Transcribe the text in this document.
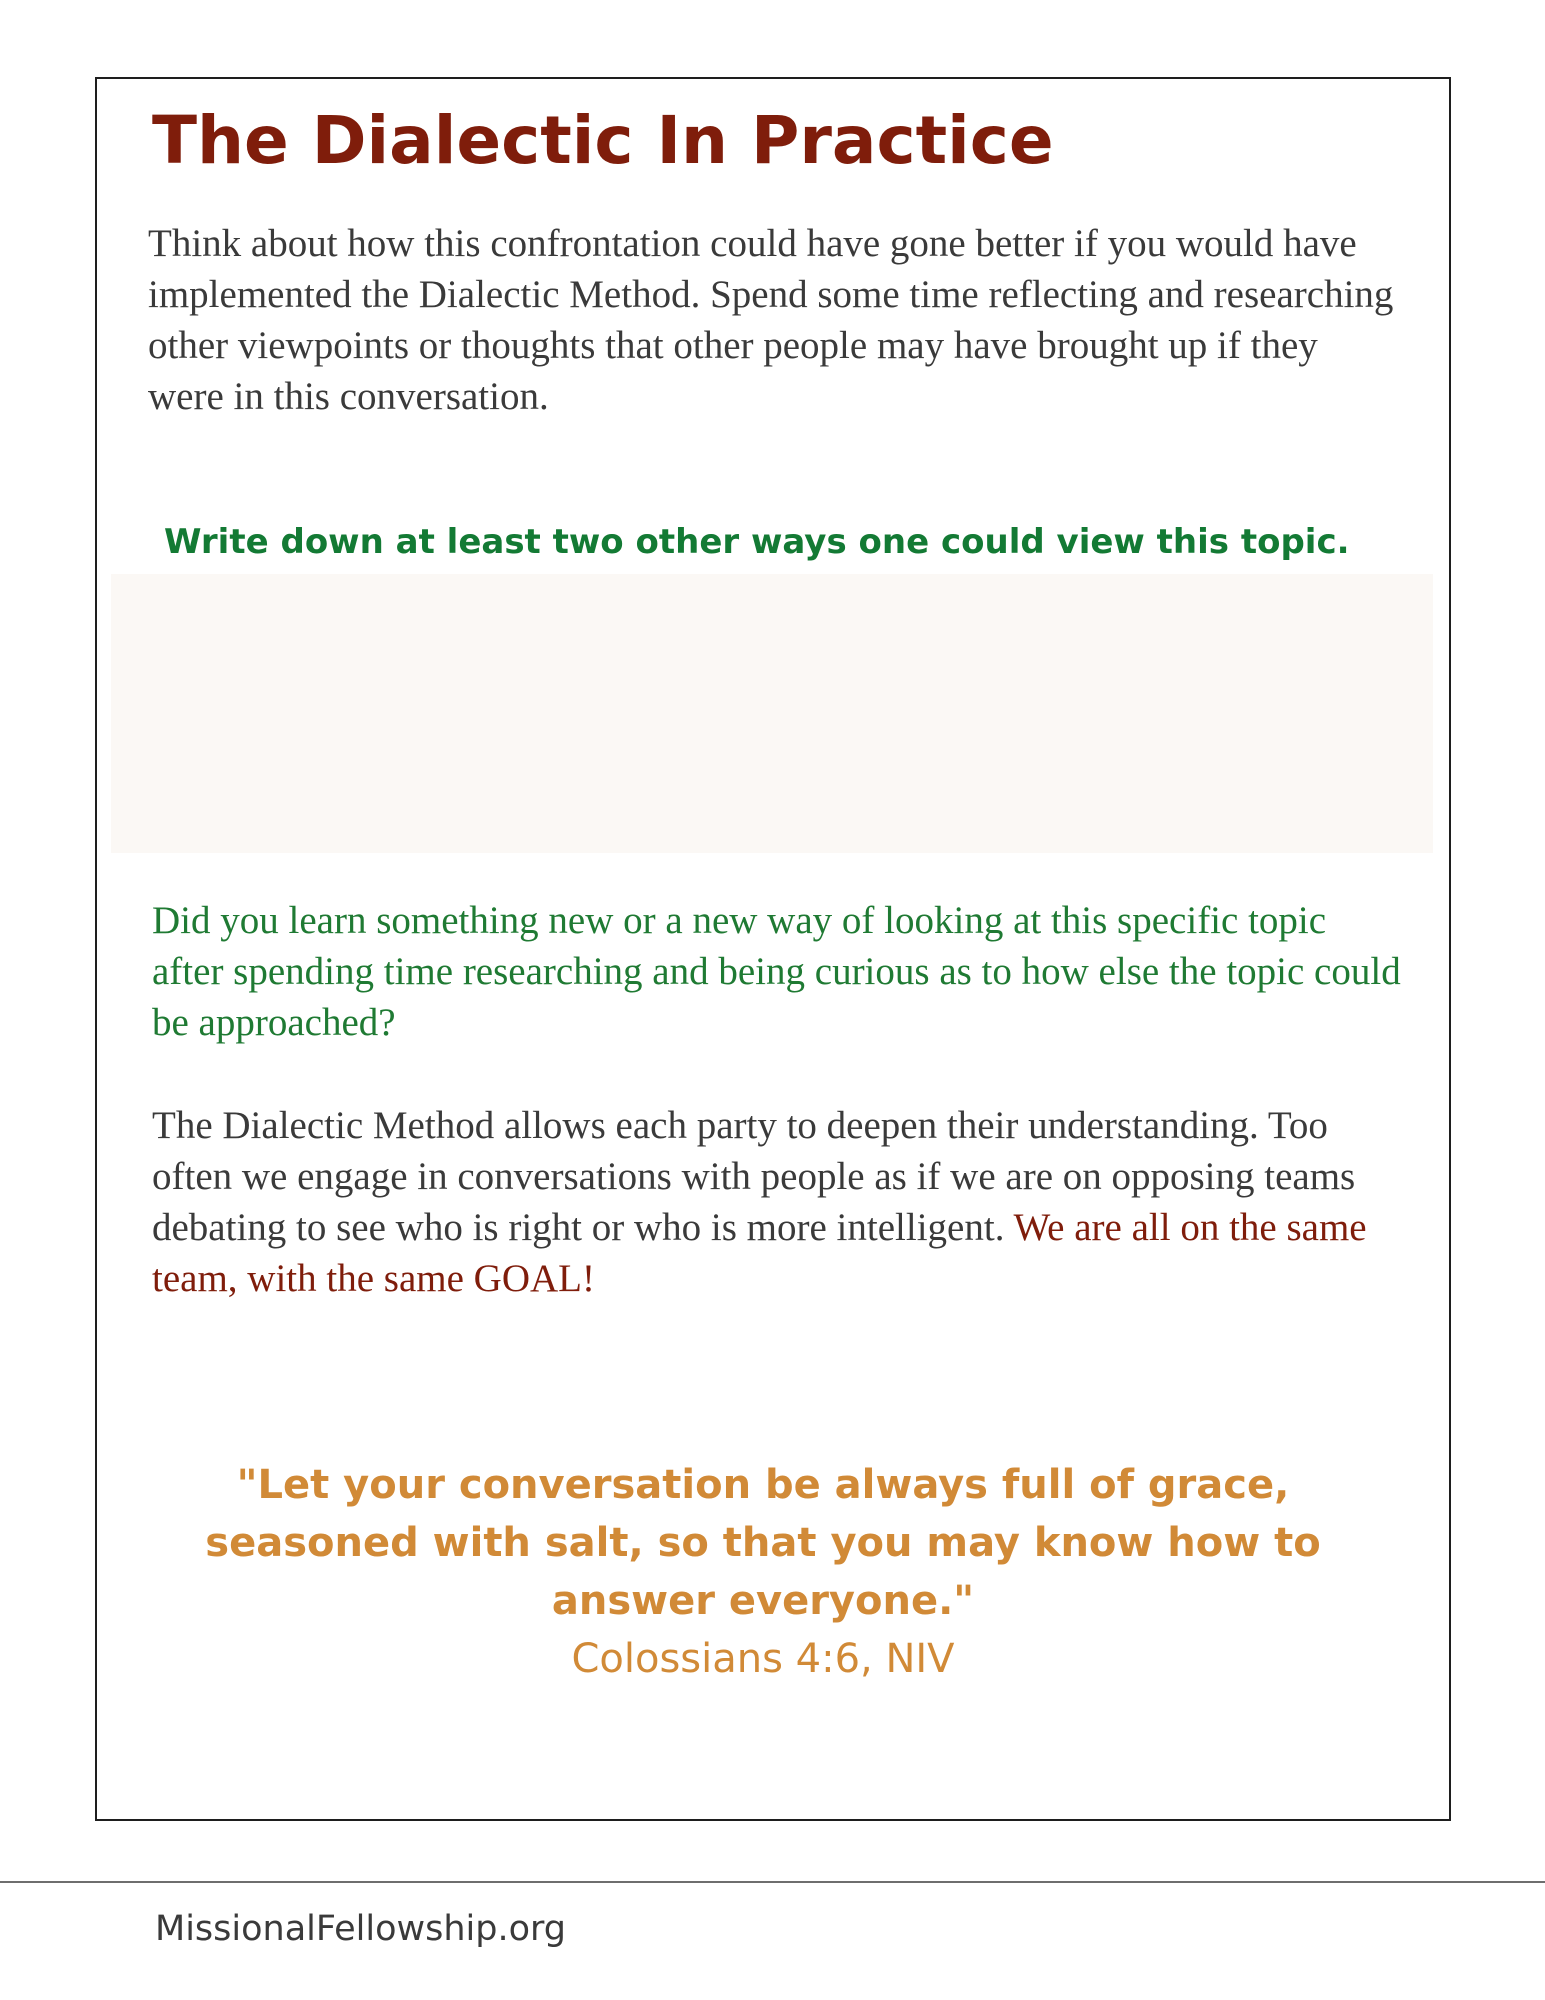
The Dialectic In Practice

Think about how this confrontation could have gone better if you would have implemented the Dialectic Method. Spend some time reflecting and researching other viewpoints or thoughts that other people may have brought up if they were in this conversation.

Write down at least two other ways one could view this topic.

Did you learn something new or a new way of looking at this specific topic after spending time researching and being curious as to how else the topic could be approached?

The Dialectic Method allows each party to deepen their understanding. Too often we engage in conversations with people as if we are on opposing teams debating to see who is right or who is more intelligent. We are all on the same team, with the same GOAL!

"Let your conversation be always full of grace, seasoned with salt, so that you may know how to answer everyone."

Colossians 4:6, NIV

MissionalFellowship.org
